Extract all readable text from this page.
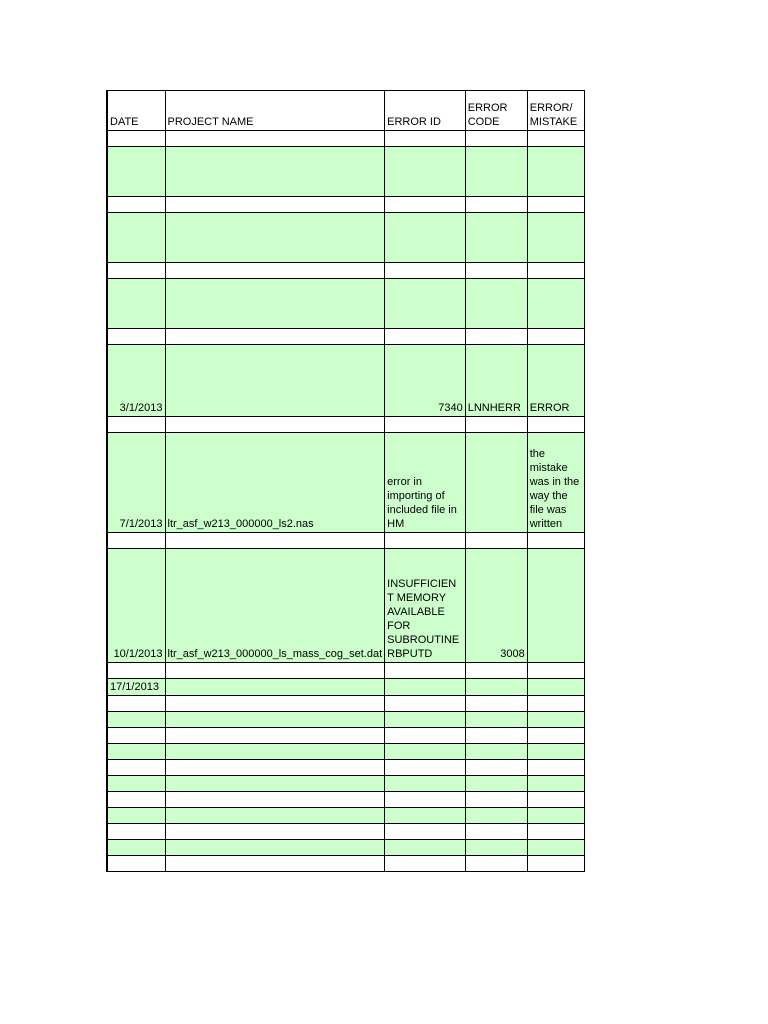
DATE	PROJECT NAME	ERROR ID	ERROR CODE	ERROR/ MISTAKE

3/1/2013		7340	LNNHERR	ERROR

7/1/2013	ltr_asf_w213_000000_ls2.nas	error in importing of included file in HM		the mistake was in the way the file was written

10/1/2013	ltr_asf_w213_000000_ls_mass_cog_set.dat	INSUFFICIENT MEMORY AVAILABLE FOR SUBROUTINE RBPUTD	3008	

17/1/2013				
